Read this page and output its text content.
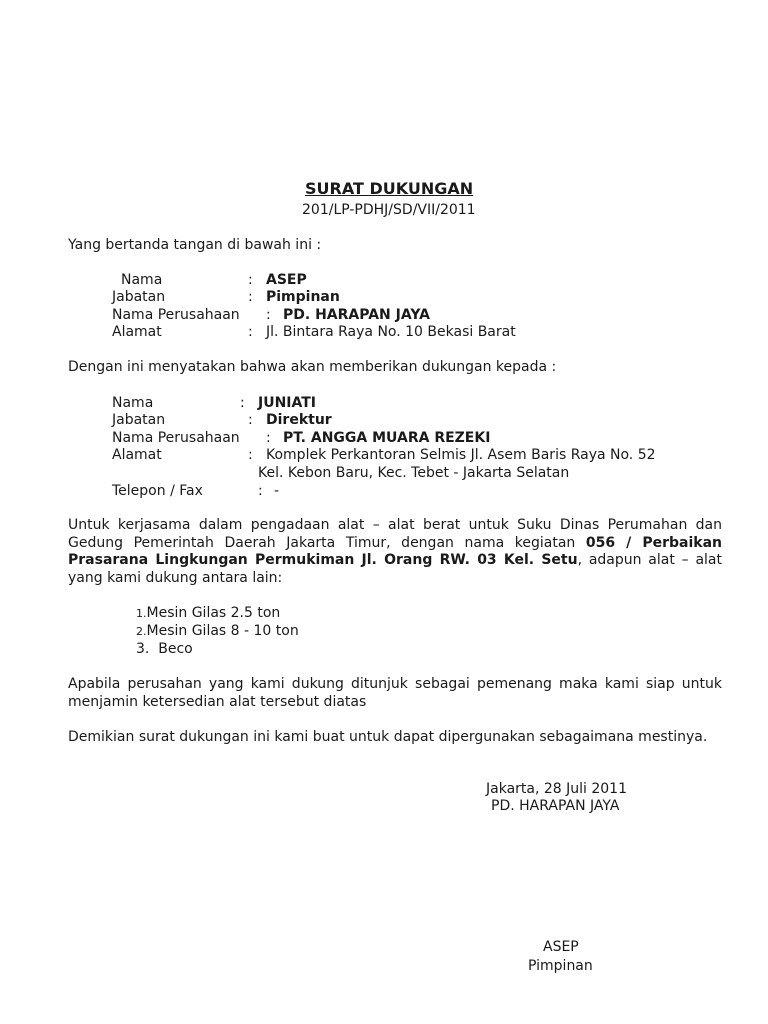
SURAT DUKUNGAN
201/LP-PDHJ/SD/VII/2011
Yang bertanda tangan di bawah ini :
Nama	: ASEP
Jabatan	: Pimpinan
Nama Perusahaan : PD. HARAPAN JAYA
Alamat	: Jl. Bintara Raya No. 10 Bekasi Barat
Dengan ini menyatakan bahwa akan memberikan dukungan kepada :
Nama	: JUNIATI
Jabatan	: Direktur
Nama Perusahaan : PT. ANGGA MUARA REZEKI
Alamat	: Komplek Perkantoran Selmis Jl. Asem Baris Raya No. 52
Kel. Kebon Baru, Kec. Tebet - Jakarta Selatan
Telepon / Fax	: -
Untuk kerjasama dalam pengadaan alat – alat berat untuk Suku Dinas Perumahan dan Gedung Pemerintah Daerah Jakarta Timur, dengan nama kegiatan 056 / Perbaikan Prasarana Lingkungan Permukiman Jl. Orang RW. 03 Kel. Setu, adapun alat – alat yang kami dukung antara lain:
1.Mesin Gilas 2.5 ton
2.Mesin Gilas 8 - 10 ton
3. Beco
Apabila perusahan yang kami dukung ditunjuk sebagai pemenang maka kami siap untuk menjamin ketersedian alat tersebut diatas
Demikian surat dukungan ini kami buat untuk dapat dipergunakan sebagaimana mestinya.
Jakarta, 28 Juli 2011
PD. HARAPAN JAYA
ASEP
Pimpinan
